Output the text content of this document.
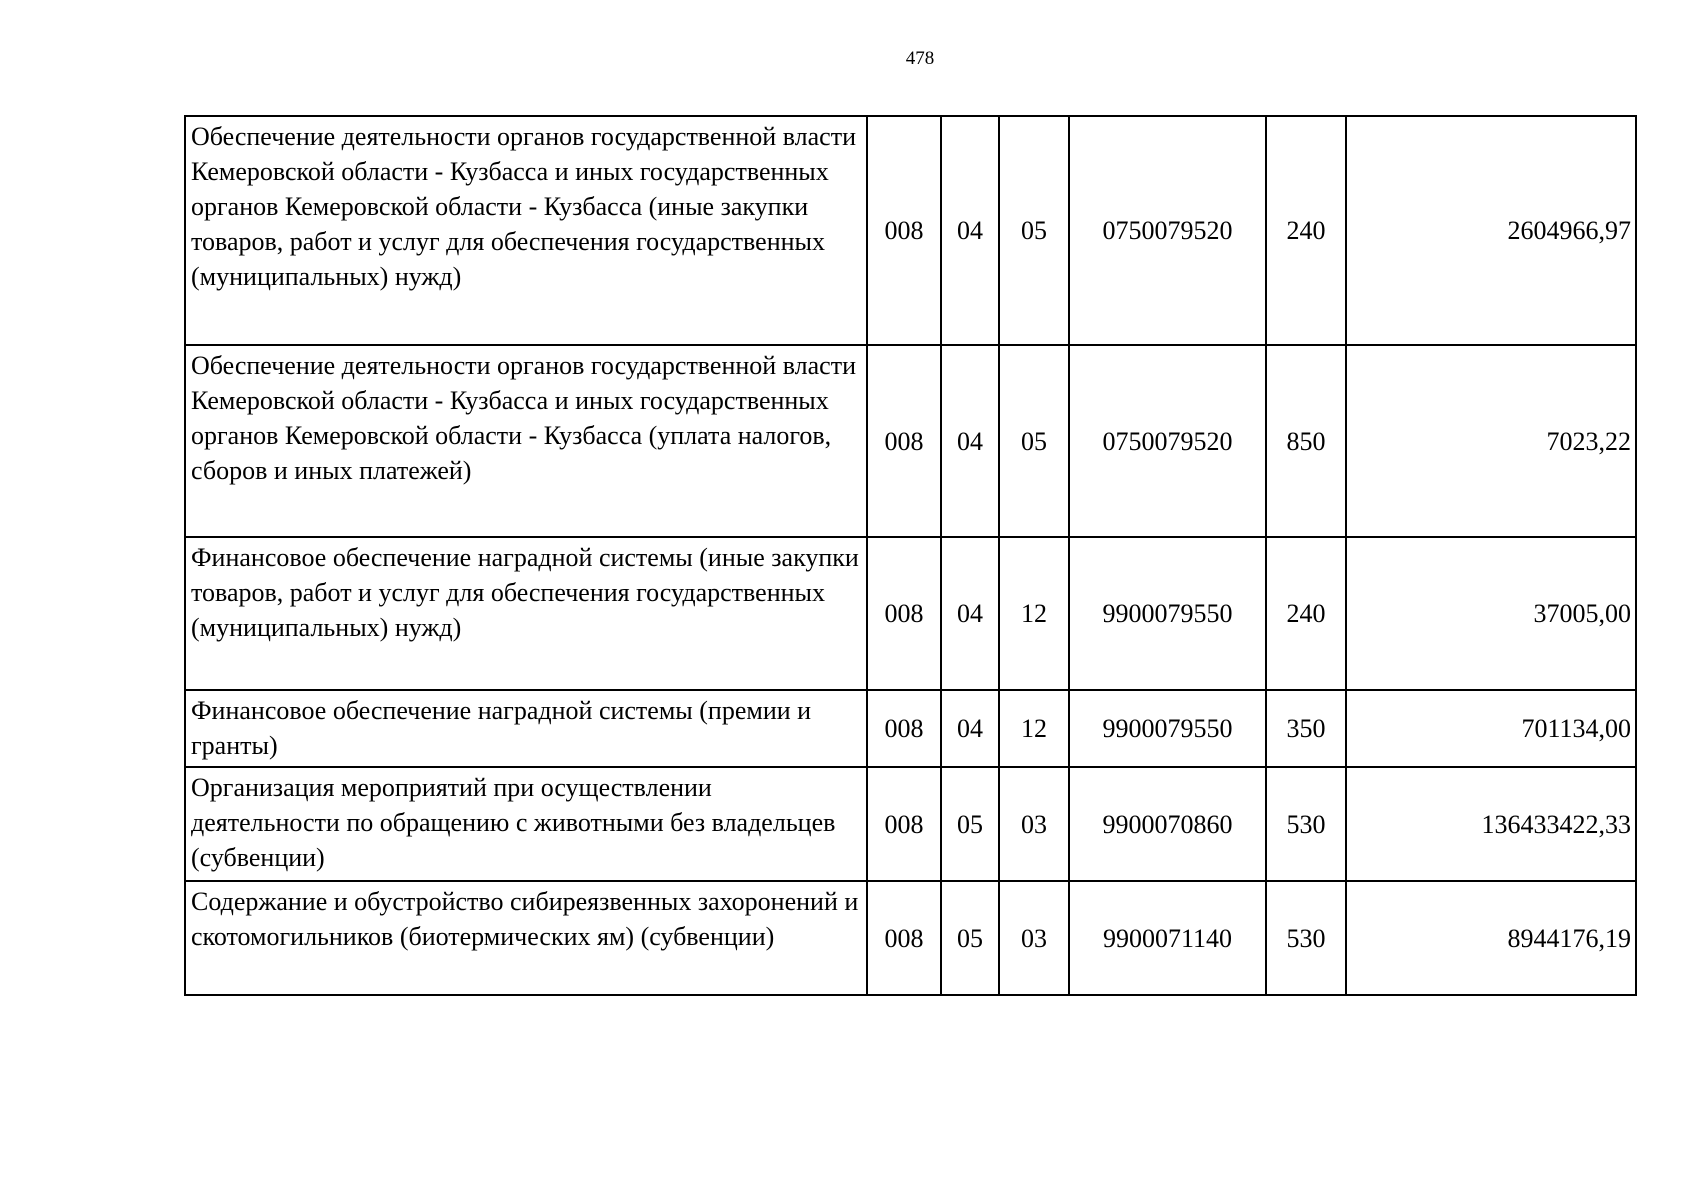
478
Обеспечение деятельности органов государственной власти Кемеровской области - Кузбасса и иных государственных органов Кемеровской области - Кузбасса (иные закупки товаров, работ и услуг для обеспечения государственных (муниципальных) нужд)	008	04	05	0750079520	240	2604966,97
Обеспечение деятельности органов государственной власти Кемеровской области - Кузбасса и иных государственных органов Кемеровской области - Кузбасса (уплата налогов, сборов и иных платежей)	008	04	05	0750079520	850	7023,22
Финансовое обеспечение наградной системы (иные закупки товаров, работ и услуг для обеспечения государственных (муниципальных) нужд)	008	04	12	9900079550	240	37005,00
Финансовое обеспечение наградной системы (премии и гранты)	008	04	12	9900079550	350	701134,00
Организация мероприятий при осуществлении деятельности по обращению с животными без владельцев (субвенции)	008	05	03	9900070860	530	136433422,33
Содержание и обустройство сибиреязвенных захоронений и скотомогильников (биотермических ям) (субвенции)	008	05	03	9900071140	530	8944176,19
